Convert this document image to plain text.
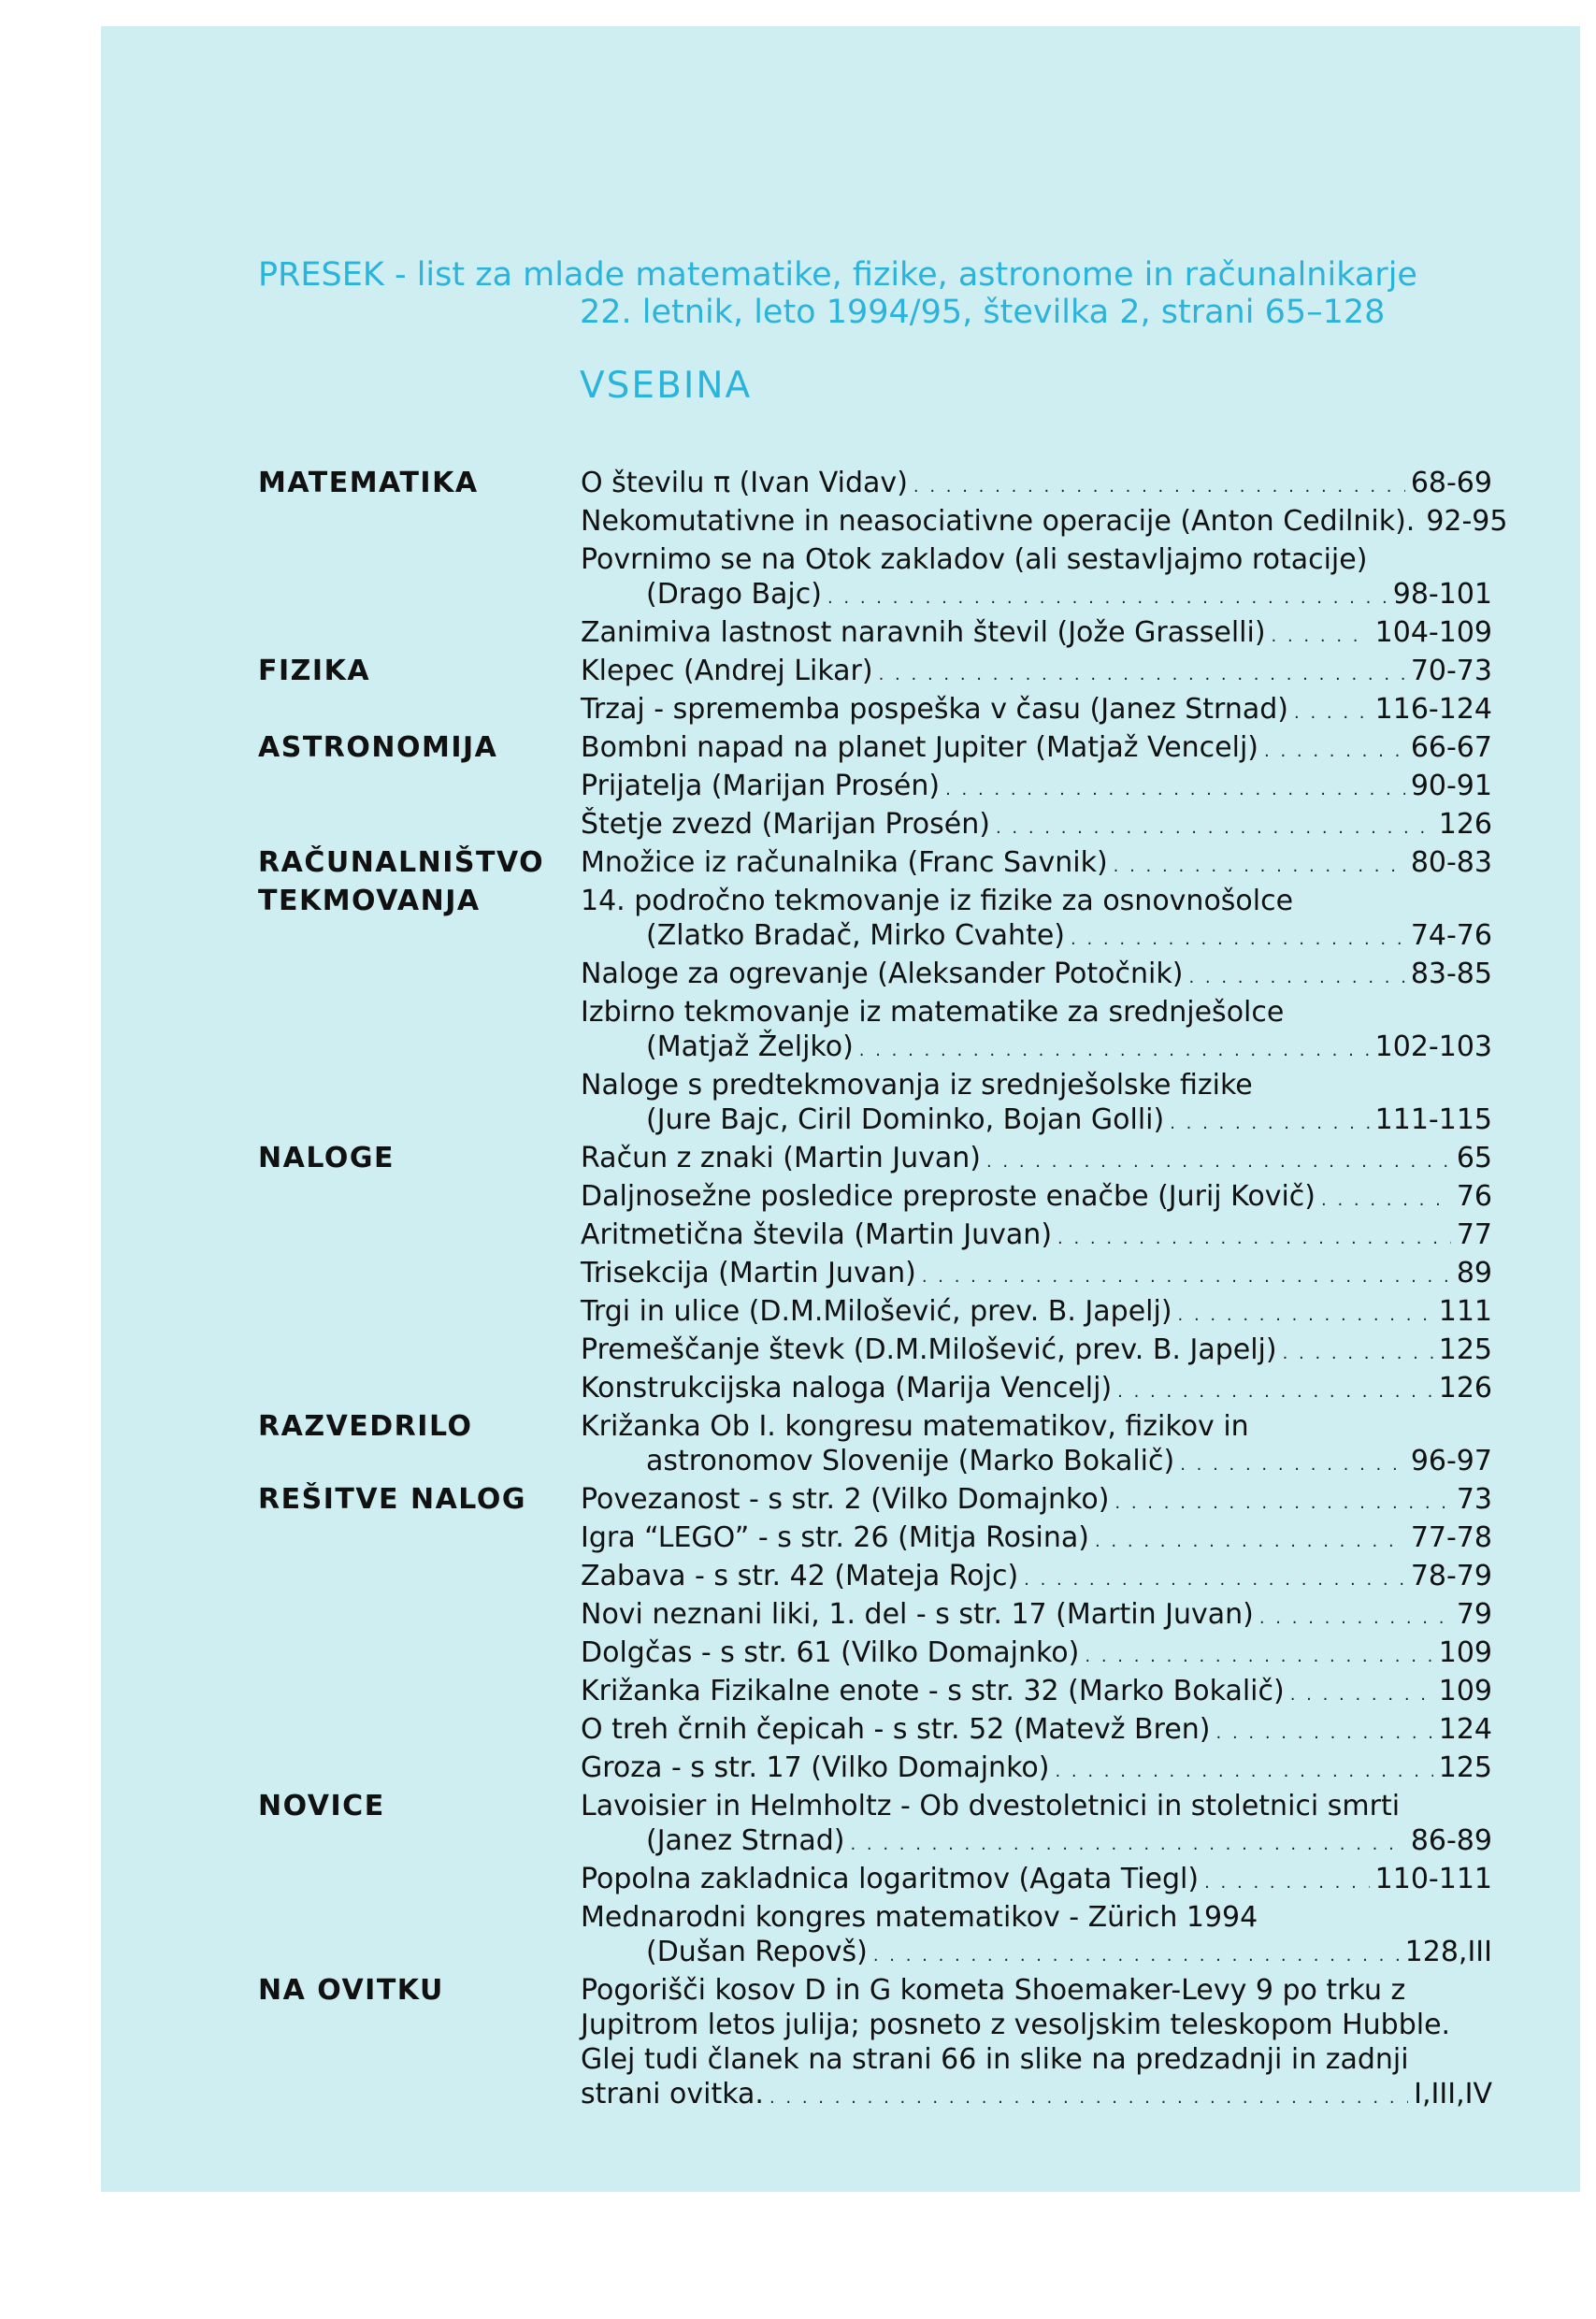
PRESEK - list za mlade matematike, fizike, astronome in računalnikarje
22. letnik, leto 1994/95, številka 2, strani 65–128
VSEBINA
MATEMATIKA	O številu π (Ivan Vidav) . . .	68-69
Nekomutativne in neasociativne operacije (Anton Cedilnik). 92-95
Povrnimo se na Otok zakladov (ali sestavljajmo rotacije)
(Drago Bajc) . . .	98-101
Zanimiva lastnost naravnih števil (Jože Grasselli) . . .	104-109
FIZIKA	Klepec (Andrej Likar) . . .	70-73
Trzaj - sprememba pospeška v času (Janez Strnad) . . .	116-124
ASTRONOMIJA	Bombni napad na planet Jupiter (Matjaž Vencelj) . . .	66-67
Prijatelja (Marijan Prosén) . . .	90-91
Štetje zvezd (Marijan Prosén) . . .	126
RAČUNALNIŠTVO	Množice iz računalnika (Franc Savnik) . . .	80-83
TEKMOVANJA	14. področno tekmovanje iz fizike za osnovnošolce
(Zlatko Bradač, Mirko Cvahte) . . .	74-76
Naloge za ogrevanje (Aleksander Potočnik) . . .	83-85
Izbirno tekmovanje iz matematike za srednješolce
(Matjaž Željko) . . .	102-103
Naloge s predtekmovanja iz srednješolske fizike
(Jure Bajc, Ciril Dominko, Bojan Golli) . . .	111-115
NALOGE	Račun z znaki (Martin Juvan) . . .	65
Daljnosežne posledice preproste enačbe (Jurij Kovič) . . .	76
Aritmetična števila (Martin Juvan) . . .	77
Trisekcija (Martin Juvan) . . .	89
Trgi in ulice (D.M.Milošević, prev. B. Japelj) . . .	111
Premeščanje števk (D.M.Milošević, prev. B. Japelj) . . .	125
Konstrukcijska naloga (Marija Vencelj) . . .	126
RAZVEDRILO	Križanka Ob I. kongresu matematikov, fizikov in
astronomov Slovenije (Marko Bokalič) . . .	96-97
REŠITVE NALOG	Povezanost - s str. 2 (Vilko Domajnko) . . .	73
Igra “LEGO” - s str. 26 (Mitja Rosina) . . .	77-78
Zabava - s str. 42 (Mateja Rojc) . . .	78-79
Novi neznani liki, 1. del - s str. 17 (Martin Juvan) . . .	79
Dolgčas - s str. 61 (Vilko Domajnko) . . .	109
Križanka Fizikalne enote - s str. 32 (Marko Bokalič) . . .	109
O treh črnih čepicah - s str. 52 (Matevž Bren) . . .	124
Groza - s str. 17 (Vilko Domajnko) . . .	125
NOVICE	Lavoisier in Helmholtz - Ob dvestoletnici in stoletnici smrti
(Janez Strnad) . . .	86-89
Popolna zakladnica logaritmov (Agata Tiegl) . . .	110-111
Mednarodni kongres matematikov - Zürich 1994
(Dušan Repovš) . . .	128,III
NA OVITKU	Pogorišči kosov D in G kometa Shoemaker-Levy 9 po trku z
Jupitrom letos julija; posneto z vesoljskim teleskopom Hubble.
Glej tudi članek na strani 66 in slike na predzadnji in zadnji
strani ovitka. . . .	I,III,IV
